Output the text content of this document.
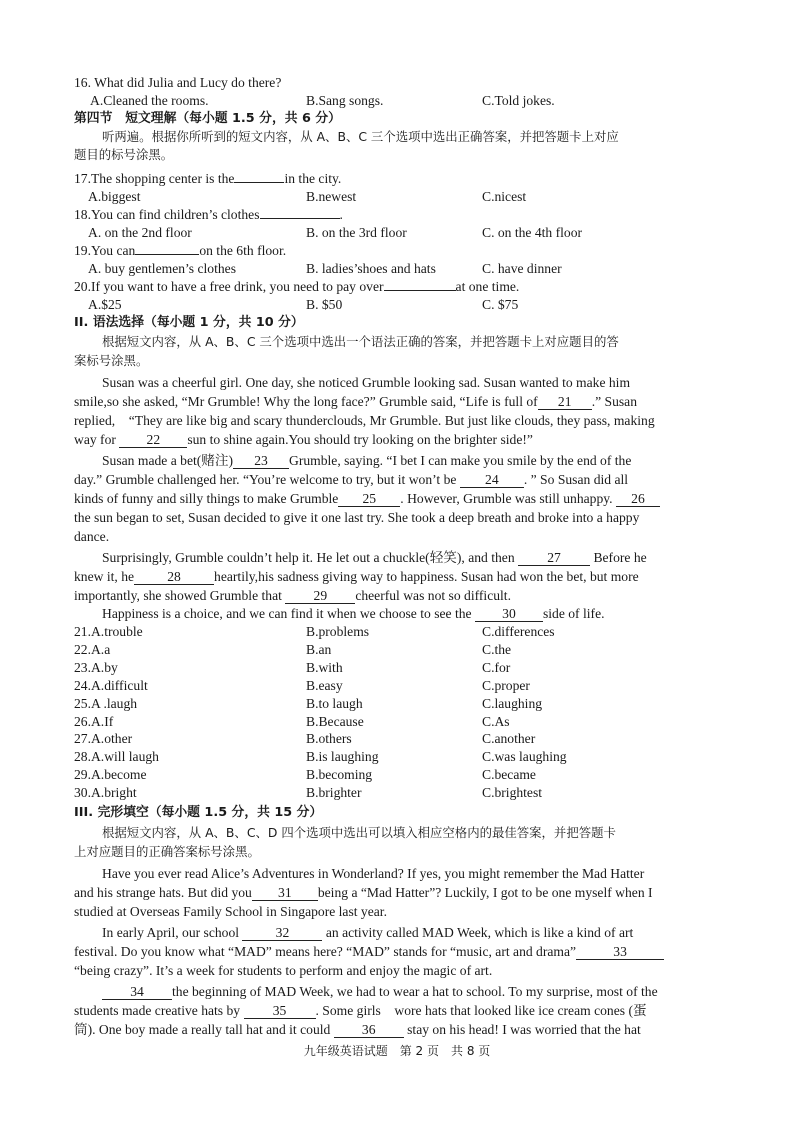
16. What did Julia and Lucy do there?
A.Cleaned the rooms.	B.Sang songs.	C.Told jokes.
第四节　短文理解（每小题 1.5 分，共 6 分）
听两遍。根据你所听到的短文内容，从 A、B、C 三个选项中选出正确答案，并把答题卡上对应
题目的标号涂黑。
17.The shopping center is the	in the city.
A.biggest	B.newest	C.nicest
18.You can find children’s clothes	.
A. on the 2nd floor	B. on the 3rd floor	C. on the 4th floor
19.You can	on the 6th floor.
A. buy gentlemen’s clothes	B. ladies’shoes and hats	C. have dinner
20.If you want to have a free drink, you need to pay over	at one time.
A.$25	B. $50	C. $75
II. 语法选择（每小题 1 分，共 10 分）
根据短文内容，从 A、B、C 三个选项中选出一个语法正确的答案，并把答题卡上对应题目的答
案标号涂黑。
Susan was a cheerful girl. One day, she noticed Grumble looking sad. Susan wanted to make him
smile,so she asked, “Mr Grumble! Why the long face?” Grumble said, “Life is full of 21 .” Susan
replied,　“They are like big and scary thunderclouds, Mr Grumble. But just like clouds, they pass, making
way for 22 sun to shine again.You should try looking on the brighter side!”
Susan made a bet(赌注) 23 Grumble, saying. “I bet I can make you smile by the end of the
day.” Grumble challenged her. “You’re welcome to try, but it won’t be 24 . ” So Susan did all
kinds of funny and silly things to make Grumble 25 . However, Grumble was still unhappy. 26
the sun began to set, Susan decided to give it one last try. She took a deep breath and broke into a happy
dance.
Surprisingly, Grumble couldn’t help it. He let out a chuckle(轻笑), and then 27 Before he
knew it, he 28 heartily,his sadness giving way to happiness. Susan had won the bet, but more
importantly, she showed Grumble that 29 cheerful was not so difficult.
Happiness is a choice, and we can find it when we choose to see the 30 side of life.
21.A.trouble	B.problems	C.differences
22.A.a	B.an	C.the
23.A.by	B.with	C.for
24.A.difficult	B.easy	C.proper
25.A .laugh	B.to laugh	C.laughing
26.A.If	B.Because	C.As
27.A.other	B.others	C.another
28.A.will laugh	B.is laughing	C.was laughing
29.A.become	B.becoming	C.became
30.A.bright	B.brighter	C.brightest
III. 完形填空（每小题 1.5 分，共 15 分）
根据短文内容，从 A、B、C、D 四个选项中选出可以填入相应空格内的最佳答案，并把答题卡
上对应题目的正确答案标号涂黑。
Have you ever read Alice’s Adventures in Wonderland? If yes, you might remember the Mad Hatter
and his strange hats. But did you 31 being a “Mad Hatter”? Luckily, I got to be one myself when I
studied at Overseas Family School in Singapore last year.
In early April, our school	32	an activity called MAD Week, which is like a kind of art
festival. Do you know what “MAD” means here? “MAD” stands for “music, art and drama”	33
“being crazy”. It’s a week for students to perform and enjoy the magic of art.
34 the beginning of MAD Week, we had to wear a hat to school. To my surprise, most of the
students made creative hats by 35 . Some girls　wore hats that looked like ice cream cones (蛋
筒). One boy made a really tall hat and it could 36 stay on his head! I was worried that the hat
九年级英语试题　第 2 页　共 8 页
